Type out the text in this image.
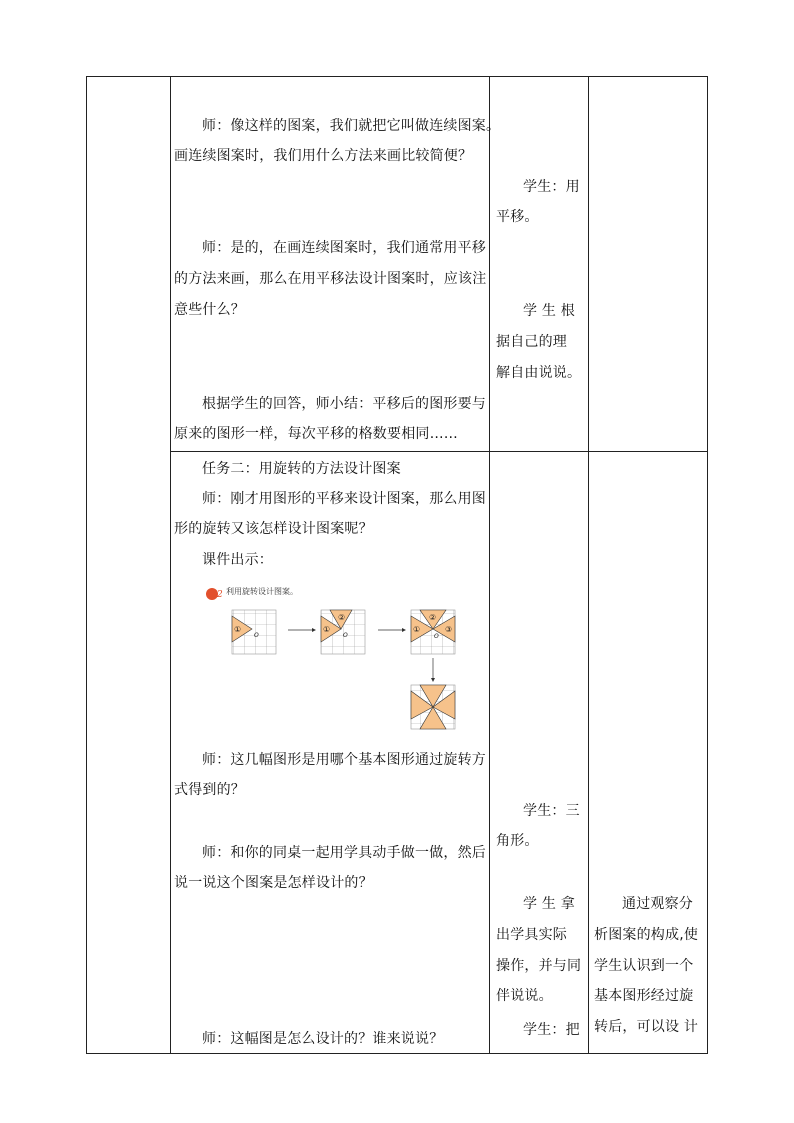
师：像这样的图案，我们就把它叫做连续图案。
画连续图案时，我们用什么方法来画比较简便？
师：是的，在画连续图案时，我们通常用平移
的方法来画，那么在用平移法设计图案时，应该注
意些什么？
根据学生的回答，师小结：平移后的图形要与
原来的图形一样，每次平移的格数要相同……
任务二：用旋转的方法设计图案
师：刚才用图形的平移来设计图案，那么用图
形的旋转又该怎样设计图案呢？
课件出示：
利用旋转设计图案。
2
①
O
①
②
O
①
②
③
O
师：这几幅图形是用哪个基本图形通过旋转方
式得到的？
师：和你的同桌一起用学具动手做一做，然后
说一说这个图案是怎样设计的？
师：这幅图是怎么设计的？谁来说说？
学生：用
平移。
学 生 根
据自己的理
解自由说说。
学生：三
角形。
学 生 拿
出学具实际
操作，并与同
伴说说。
学生：把
通过观察分
析图案的构成,使
学生认识到一个
基本图形经过旋
转后，可以设 计
